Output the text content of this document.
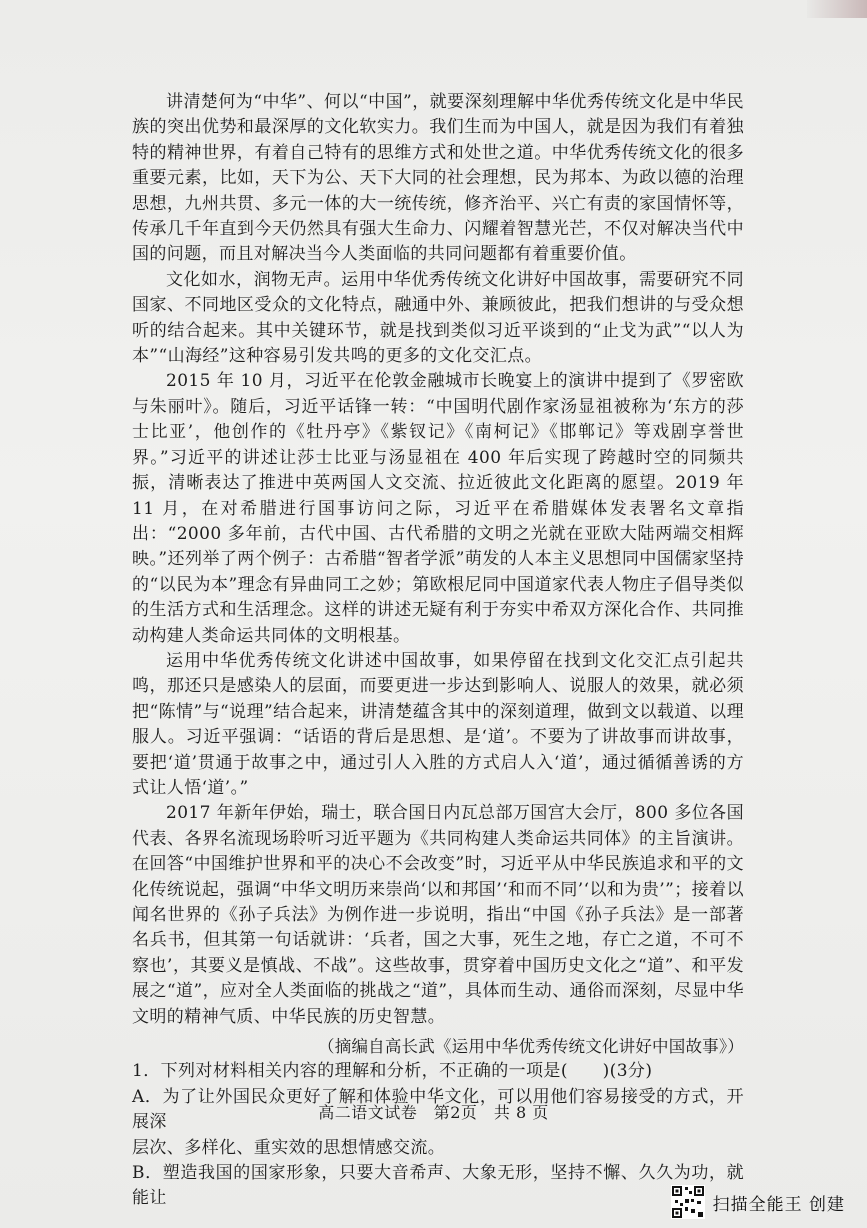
讲清楚何为“中华”、何以“中国”，就要深刻理解中华优秀传统文化是中华民族的突出优势和最深厚的文化软实力。我们生而为中国人，就是因为我们有着独特的精神世界，有着自己特有的思维方式和处世之道。中华优秀传统文化的很多重要元素，比如，天下为公、天下大同的社会理想，民为邦本、为政以德的治理思想，九州共贯、多元一体的大一统传统，修齐治平、兴亡有责的家国情怀等，传承几千年直到今天仍然具有强大生命力、闪耀着智慧光芒，不仅对解决当代中国的问题，而且对解决当今人类面临的共同问题都有着重要价值。

文化如水，润物无声。运用中华优秀传统文化讲好中国故事，需要研究不同国家、不同地区受众的文化特点，融通中外、兼顾彼此，把我们想讲的与受众想听的结合起来。其中关键环节，就是找到类似习近平谈到的“止戈为武”“以人为本”“山海经”这种容易引发共鸣的更多的文化交汇点。

2015 年 10 月，习近平在伦敦金融城市长晚宴上的演讲中提到了《罗密欧与朱丽叶》。随后，习近平话锋一转：“中国明代剧作家汤显祖被称为‘东方的莎士比亚’，他创作的《牡丹亭》《紫钗记》《南柯记》《邯郸记》等戏剧享誉世界。”习近平的讲述让莎士比亚与汤显祖在 400 年后实现了跨越时空的同频共振，清晰表达了推进中英两国人文交流、拉近彼此文化距离的愿望。2019 年 11 月，在对希腊进行国事访问之际，习近平在希腊媒体发表署名文章指出：“2000 多年前，古代中国、古代希腊的文明之光就在亚欧大陆两端交相辉映。”还列举了两个例子：古希腊“智者学派”萌发的人本主义思想同中国儒家坚持的“以民为本”理念有异曲同工之妙；第欧根尼同中国道家代表人物庄子倡导类似的生活方式和生活理念。这样的讲述无疑有利于夯实中希双方深化合作、共同推动构建人类命运共同体的文明根基。

运用中华优秀传统文化讲述中国故事，如果停留在找到文化交汇点引起共鸣，那还只是感染人的层面，而要更进一步达到影响人、说服人的效果，就必须把“陈情”与“说理”结合起来，讲清楚蕴含其中的深刻道理，做到文以载道、以理服人。习近平强调：“话语的背后是思想、是‘道’。不要为了讲故事而讲故事，要把‘道’贯通于故事之中，通过引人入胜的方式启人入‘道’，通过循循善诱的方式让人悟‘道’。”

2017 年新年伊始，瑞士，联合国日内瓦总部万国宫大会厅，800 多位各国代表、各界名流现场聆听习近平题为《共同构建人类命运共同体》的主旨演讲。在回答“中国维护世界和平的决心不会改变”时，习近平从中华民族追求和平的文化传统说起，强调“中华文明历来崇尚‘以和邦国’‘和而不同’‘以和为贵’”；接着以闻名世界的《孙子兵法》为例作进一步说明，指出“中国《孙子兵法》是一部著名兵书，但其第一句话就讲：‘兵者，国之大事，死生之地，存亡之道，不可不察也’，其要义是慎战、不战”。这些故事，贯穿着中国历史文化之“道”、和平发展之“道”，应对全人类面临的挑战之“道”，具体而生动、通俗而深刻，尽显中华文明的精神气质、中华民族的历史智慧。

（摘编自高长武《运用中华优秀传统文化讲好中国故事》）

1．下列对材料相关内容的理解和分析，不正确的一项是(　　)(3分)

A．为了让外国民众更好了解和体验中华文化，可以用他们容易接受的方式，开展深

层次、多样化、重实效的思想情感交流。

B．塑造我国的国家形象，只要大音希声、大象无形，坚持不懈、久久为功，就能让

高二语文试卷　第2页　共 8 页
扫描全能王 创建
